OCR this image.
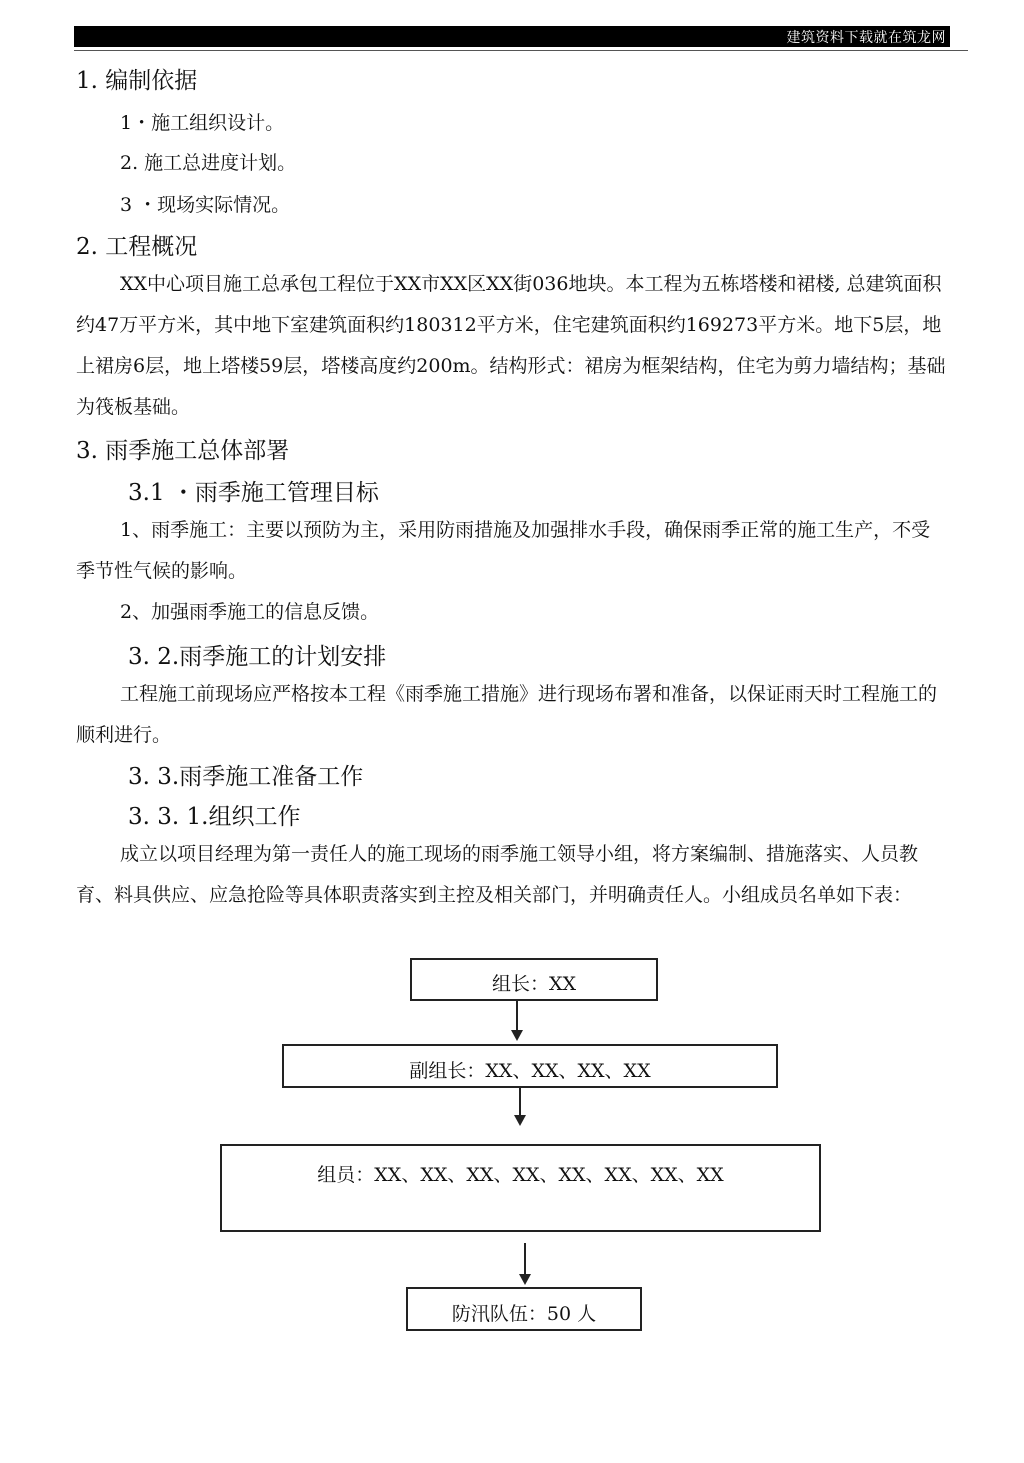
建筑资料下载就在筑龙网
1. 编制依据
1・施工组织设计。
2. 施工总进度计划。
3 ・现场实际情况。
2. 工程概况

XX中心项目施工总承包工程位于XX市XX区XX街036地块。本工程为五栋塔楼和裙楼, 总建筑面积约47万平方米，其中地下室建筑面积约180312平方米，住宅建筑面积约169273平方米。地下5层，地上裙房6层，地上塔楼59层，塔楼高度约200m。结构形式：裙房为框架结构，住宅为剪力墙结构；基础为筏板基础。

3. 雨季施工总体部署
3.1 ・雨季施工管理目标

1、雨季施工：主要以预防为主，采用防雨措施及加强排水手段，确保雨季正常的施工生产，不受季节性气候的影响。

2、加强雨季施工的信息反馈。

3. 2.雨季施工的计划安排

工程施工前现场应严格按本工程《雨季施工措施》进行现场布署和准备，以保证雨天时工程施工的顺利进行。

3. 3.雨季施工准备工作
3. 3. 1.组织工作

成立以项目经理为第一责任人的施工现场的雨季施工领导小组，将方案编制、措施落实、人员教育、料具供应、应急抢险等具体职责落实到主控及相关部门，并明确责任人。小组成员名单如下表：

组长：XX
副组长：XX、XX、XX、XX
组员：XX、XX、XX、XX、XX、XX、XX、XX
防汛队伍：50 人
